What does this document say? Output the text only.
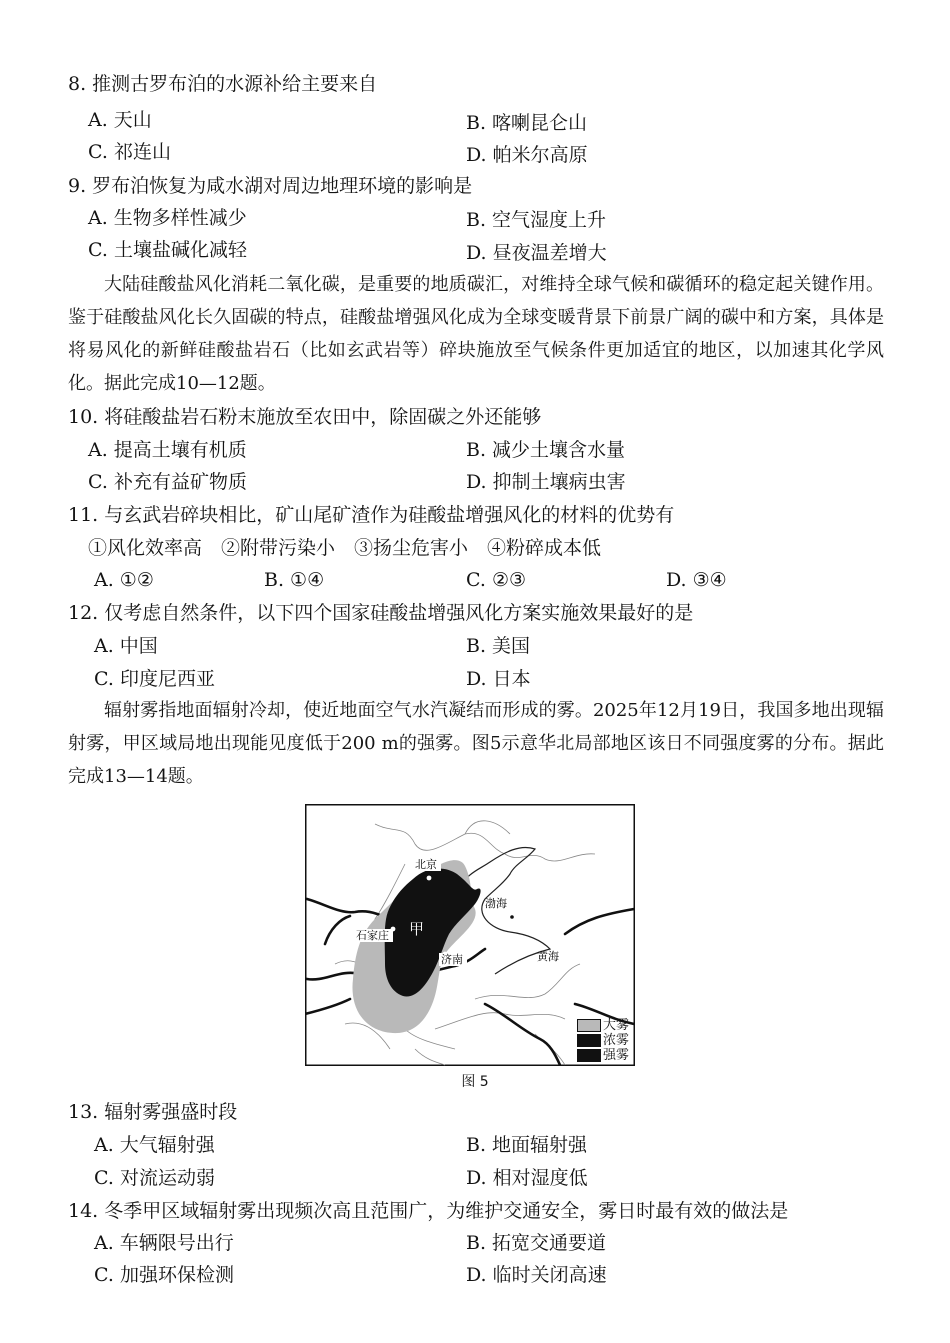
8. 推测古罗布泊的水源补给主要来自
A. 天山	B. 喀喇昆仑山
C. 祁连山	D. 帕米尔高原
9. 罗布泊恢复为咸水湖对周边地理环境的影响是
A. 生物多样性减少	B. 空气湿度上升
C. 土壤盐碱化减轻	D. 昼夜温差增大

大陆硅酸盐风化消耗二氧化碳，是重要的地质碳汇，对维持全球气候和碳循环的稳定起关键作用。鉴于硅酸盐风化长久固碳的特点，硅酸盐增强风化成为全球变暖背景下前景广阔的碳中和方案，具体是将易风化的新鲜硅酸盐岩石（比如玄武岩等）碎块施放至气候条件更加适宜的地区，以加速其化学风化。据此完成10—12题。

10. 将硅酸盐岩石粉末施放至农田中，除固碳之外还能够
A. 提高土壤有机质	B. 减少土壤含水量
C. 补充有益矿物质	D. 抑制土壤病虫害
11. 与玄武岩碎块相比，矿山尾矿渣作为硅酸盐增强风化的材料的优势有
①风化效率高　②附带污染小　③扬尘危害小　④粉碎成本低
A. ①②	B. ①④	C. ②③	D. ③④
12. 仅考虑自然条件，以下四个国家硅酸盐增强风化方案实施效果最好的是
A. 中国	B. 美国
C. 印度尼西亚	D. 日本

辐射雾指地面辐射冷却，使近地面空气水汽凝结而形成的雾。2025年12月19日，我国多地出现辐射雾，甲区域局地出现能见度低于200 m的强雾。图5示意华北局部地区该日不同强度雾的分布。据此完成13—14题。

北京
渤海
石家庄 甲
济南	黄海
大雾
浓雾
强雾
图 5
13. 辐射雾强盛时段
A. 大气辐射强	B. 地面辐射强
C. 对流运动弱	D. 相对湿度低
14. 冬季甲区域辐射雾出现频次高且范围广，为维护交通安全，雾日时最有效的做法是
A. 车辆限号出行	B. 拓宽交通要道
C. 加强环保检测	D. 临时关闭高速
